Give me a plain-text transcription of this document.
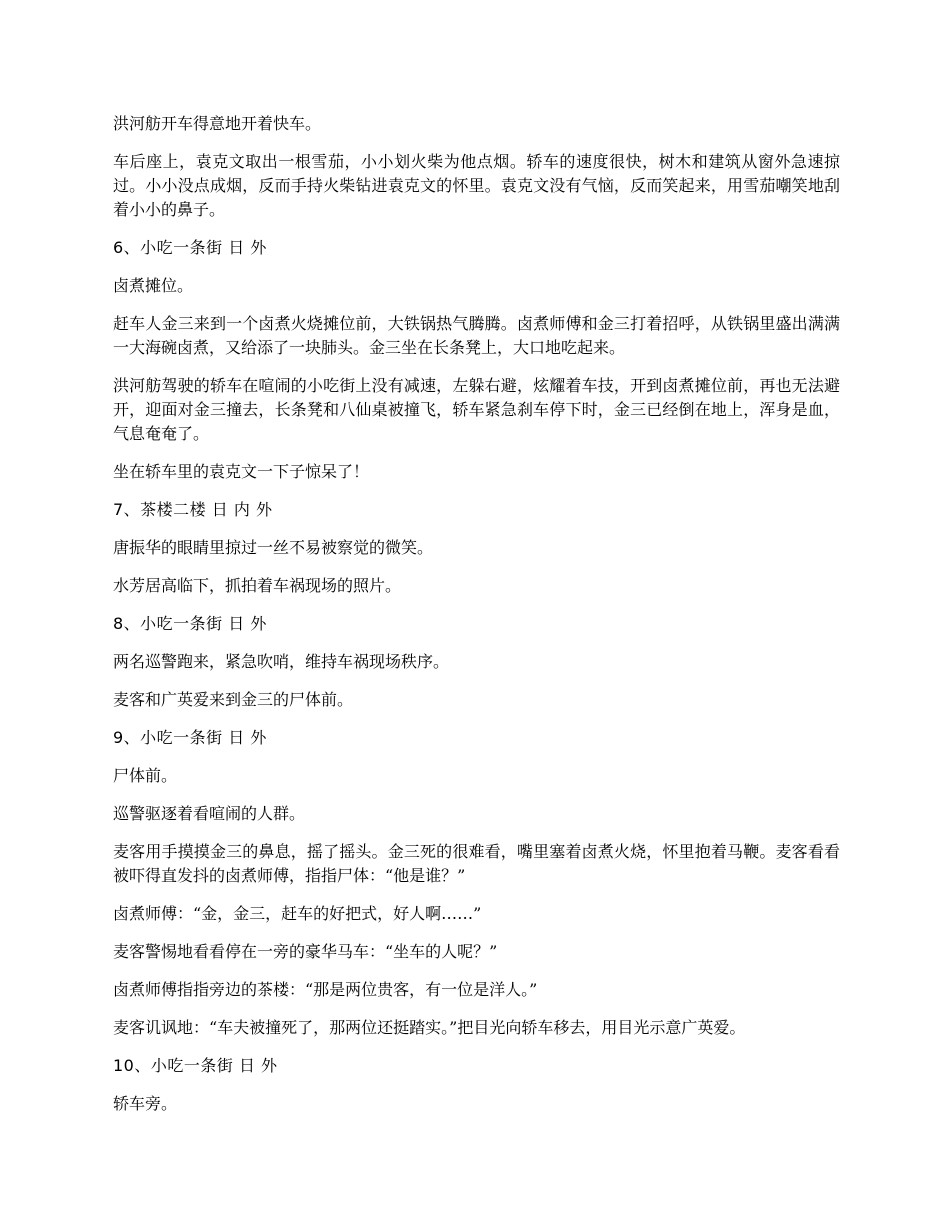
洪河舫开车得意地开着快车。

车后座上，袁克文取出一根雪茄，小小划火柴为他点烟。轿车的速度很快，树木和建筑从窗外急速掠过。小小没点成烟，反而手持火柴钻进袁克文的怀里。袁克文没有气恼，反而笑起来，用雪茄嘲笑地刮着小小的鼻子。

6、小吃一条街 日 外

卤煮摊位。

赶车人金三来到一个卤煮火烧摊位前，大铁锅热气腾腾。卤煮师傅和金三打着招呼，从铁锅里盛出满满一大海碗卤煮，又给添了一块肺头。金三坐在长条凳上，大口地吃起来。

洪河舫驾驶的轿车在喧闹的小吃街上没有减速，左躲右避，炫耀着车技，开到卤煮摊位前，再也无法避开，迎面对金三撞去，长条凳和八仙桌被撞飞，轿车紧急刹车停下时，金三已经倒在地上，浑身是血，气息奄奄了。

坐在轿车里的袁克文一下子惊呆了！

7、茶楼二楼 日 内 外

唐振华的眼睛里掠过一丝不易被察觉的微笑。

水芳居高临下，抓拍着车祸现场的照片。

8、小吃一条街 日 外

两名巡警跑来，紧急吹哨，维持车祸现场秩序。

麦客和广英爱来到金三的尸体前。

9、小吃一条街 日 外

尸体前。

巡警驱逐着看喧闹的人群。

麦客用手摸摸金三的鼻息，摇了摇头。金三死的很难看，嘴里塞着卤煮火烧，怀里抱着马鞭。麦客看看被吓得直发抖的卤煮师傅，指指尸体：“他是谁？”

卤煮师傅：“金，金三，赶车的好把式，好人啊……”

麦客警惕地看看停在一旁的豪华马车：“坐车的人呢？”

卤煮师傅指指旁边的茶楼：“那是两位贵客，有一位是洋人。”

麦客讥讽地：“车夫被撞死了，那两位还挺踏实。”把目光向轿车移去，用目光示意广英爱。

10、小吃一条街 日 外

轿车旁。
